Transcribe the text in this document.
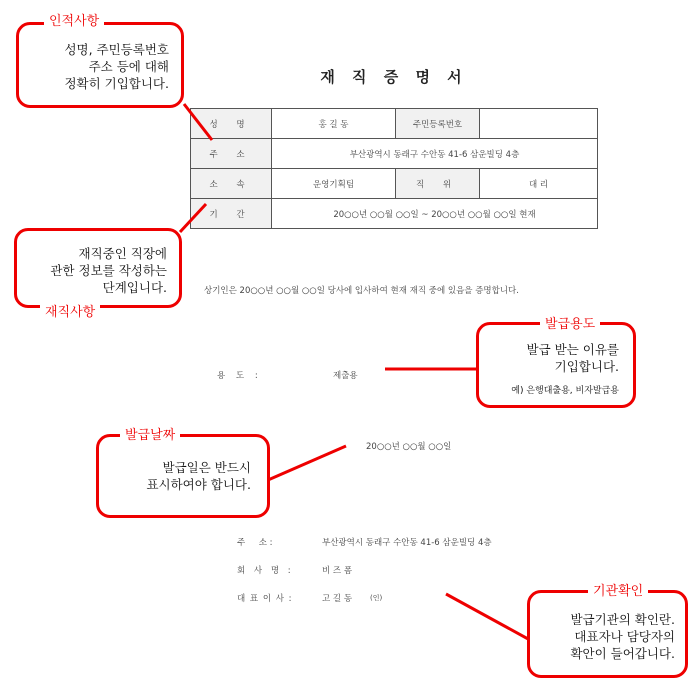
재 직 증 명 서
성 명	홍 길 동	주민등록번호	
주 소	부산광역시 동래구 수안동 41-6 삼운빌딩 4층		
소 속	운영기획팀	직 위	대 리
기 간	20○○년 ○○월 ○○일 ~ 20○○년 ○○월 ○○일 현재		
상기인은 20○○년 ○○월 ○○일 당사에 입사하여 현재 재직 중에 있음을 증명합니다.
용 도 :	제출용
20○○년 ○○월 ○○일
주     소 :	부산광역시 동래구 수안동 41-6 삼운빌딩 4층
회 사 명 :	비 즈 폼
대 표 이 사 :	고 길 동	(인)
성명, 주민등록번호
주소 등에 대해
정확히 기입합니다.
인적사항
재직중인 직장에
관한 정보를 작성하는
단계입니다.
재직사항
발급 받는 이유를
기입합니다.
예) 은행대출용, 비자발급용
발급용도
발급일은 반드시
표시하여야 합니다.
발급날짜
발급기관의 확인란.
대표자나 담당자의
확안이 들어갑니다.
기관확인
